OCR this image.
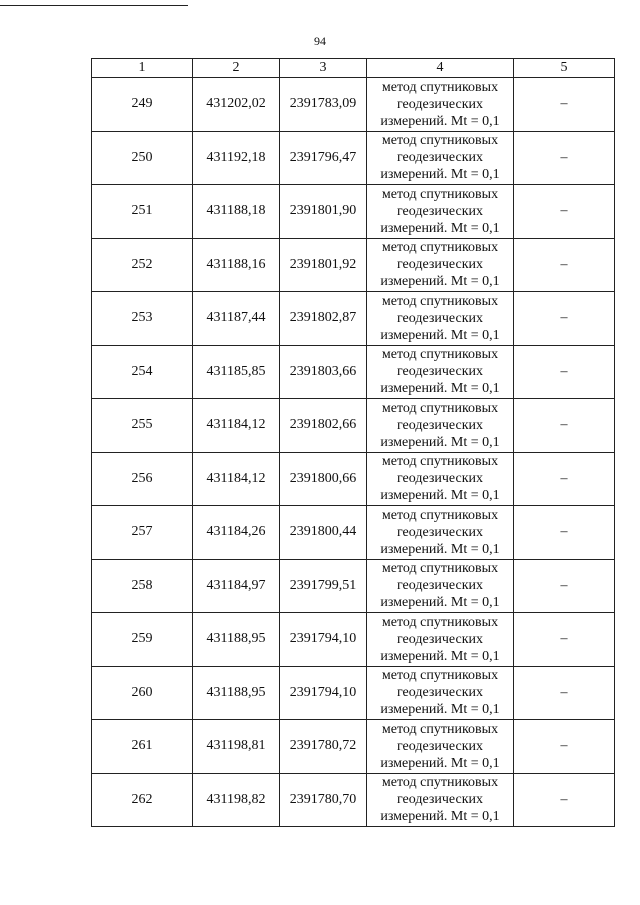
94
1	2	3	4	5
249	431202,02	2391783,09	метод спутниковых геодезических измерений. Mt = 0,1	–
250	431192,18	2391796,47	метод спутниковых геодезических измерений. Mt = 0,1	–
251	431188,18	2391801,90	метод спутниковых геодезических измерений. Mt = 0,1	–
252	431188,16	2391801,92	метод спутниковых геодезических измерений. Mt = 0,1	–
253	431187,44	2391802,87	метод спутниковых геодезических измерений. Mt = 0,1	–
254	431185,85	2391803,66	метод спутниковых геодезических измерений. Mt = 0,1	–
255	431184,12	2391802,66	метод спутниковых геодезических измерений. Mt = 0,1	–
256	431184,12	2391800,66	метод спутниковых геодезических измерений. Mt = 0,1	–
257	431184,26	2391800,44	метод спутниковых геодезических измерений. Mt = 0,1	–
258	431184,97	2391799,51	метод спутниковых геодезических измерений. Mt = 0,1	–
259	431188,95	2391794,10	метод спутниковых геодезических измерений. Mt = 0,1	–
260	431188,95	2391794,10	метод спутниковых геодезических измерений. Mt = 0,1	–
261	431198,81	2391780,72	метод спутниковых геодезических измерений. Mt = 0,1	–
262	431198,82	2391780,70	метод спутниковых геодезических измерений. Mt = 0,1	–
